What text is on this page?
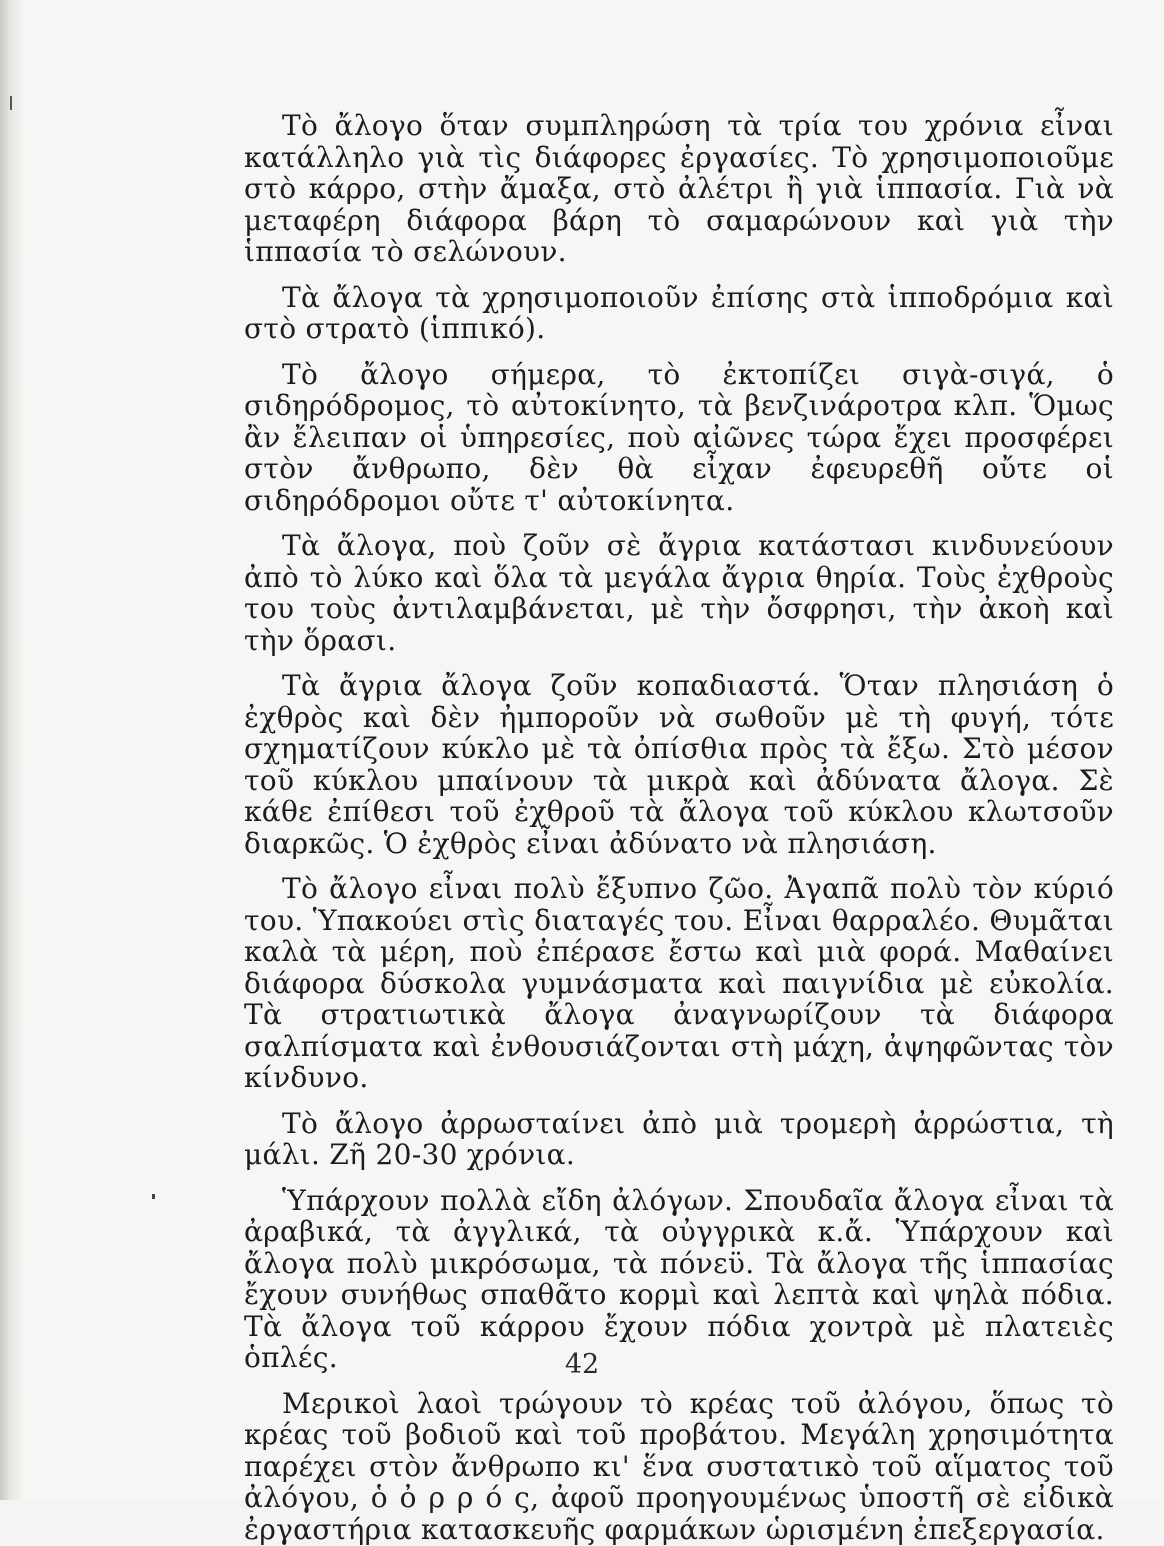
Τὸ ἄλογο ὅταν συμπληρώση τὰ τρία του χρόνια εἶναι κατάλληλο γιὰ τὶς διάφορες ἐργασίες. Τὸ χρησιμοποιοῦμε στὸ κάρρο, στὴν ἄμαξα, στὸ ἀλέτρι ἢ γιὰ ἱππασία. Γιὰ νὰ μεταφέρη διάφορα βάρη τὸ σαμαρώνουν καὶ γιὰ τὴν ἱππασία τὸ σελώνουν.

Τὰ ἄλογα τὰ χρησιμοποιοῦν ἐπίσης στὰ ἱπποδρόμια καὶ στὸ στρατὸ (ἱππικό).

Τὸ ἄλογο σήμερα, τὸ ἐκτοπίζει σιγὰ-σιγά, ὁ σιδηρόδρομος, τὸ αὐτοκίνητο, τὰ βενζινάροτρα κλπ. Ὅμως ἂν ἔλειπαν οἱ ὑπηρεσίες, ποὺ αἰῶνες τώρα ἔχει προσφέρει στὸν ἄνθρωπο, δὲν θὰ εἶχαν ἐφευρεθῆ οὔτε οἱ σιδηρόδρομοι οὔτε τ' αὐτοκίνητα.

Τὰ ἄλογα, ποὺ ζοῦν σὲ ἄγρια κατάστασι κινδυνεύουν ἀπὸ τὸ λύκο καὶ ὅλα τὰ μεγάλα ἄγρια θηρία. Τοὺς ἐχθροὺς του τοὺς ἀντιλαμβάνεται, μὲ τὴν ὄσφρησι, τὴν ἀκοὴ καὶ τὴν ὅρασι.

Τὰ ἄγρια ἄλογα ζοῦν κοπαδιαστά. Ὅταν πλησιάση ὁ ἐχθρὸς καὶ δὲν ἠμποροῦν νὰ σωθοῦν μὲ τὴ φυγή, τότε σχηματίζουν κύκλο μὲ τὰ ὀπίσθια πρὸς τὰ ἔξω. Στὸ μέσον τοῦ κύκλου μπαίνουν τὰ μικρὰ καὶ ἀδύνατα ἄλογα. Σὲ κάθε ἐπίθεσι τοῦ ἐχθροῦ τὰ ἄλογα τοῦ κύκλου κλωτσοῦν διαρκῶς. Ὁ ἐχθρὸς εἶναι ἀδύνατο νὰ πλησιάση.

Τὸ ἄλογο εἶναι πολὺ ἔξυπνο ζῶο. Ἀγαπᾶ πολὺ τὸν κύριό του. Ὑπακούει στὶς διαταγές του. Εἶναι θαρραλέο. Θυμᾶται καλὰ τὰ μέρη, ποὺ ἐπέρασε ἔστω καὶ μιὰ φορά. Μαθαίνει διάφορα δύσκολα γυμνάσματα καὶ παιγνίδια μὲ εὐκολία. Τὰ στρατιωτικὰ ἄλογα ἀναγνωρίζουν τὰ διάφορα σαλπίσματα καὶ ἐνθουσιάζονται στὴ μάχη, ἀψηφῶντας τὸν κίνδυνο.

Τὸ ἄλογο ἀρρωσταίνει ἀπὸ μιὰ τρομερὴ ἀρρώστια, τὴ μάλι. Ζῆ 20-30 χρόνια.

Ὑπάρχουν πολλὰ εἴδη ἀλόγων. Σπουδαῖα ἄλογα εἶναι τὰ ἀραβικά, τὰ ἀγγλικά, τὰ οὐγγρικὰ κ.ἄ. Ὑπάρχουν καὶ ἄλογα πολὺ μικρόσωμα, τὰ πόνεϋ. Τὰ ἄλογα τῆς ἱππασίας ἔχουν συνήθως σπαθᾶτο κορμὶ καὶ λεπτὰ καὶ ψηλὰ πόδια. Τὰ ἄλογα τοῦ κάρρου ἔχουν πόδια χοντρὰ μὲ πλατειὲς ὁπλές.

Μερικοὶ λαοὶ τρώγουν τὸ κρέας τοῦ ἀλόγου, ὅπως τὸ κρέας τοῦ βοδιοῦ καὶ τοῦ προβάτου. Μεγάλη χρησιμότητα παρέχει στὸν ἄνθρωπο κι' ἕνα συστατικὸ τοῦ αἵματος τοῦ ἀλόγου, ὁ ὀ ρ ρ ό ς, ἀφοῦ προηγουμένως ὑποστῆ σὲ εἰδικὰ ἐργαστήρια κατασκευῆς φαρμάκων ὡρισμένη ἐπεξεργασία.

42
